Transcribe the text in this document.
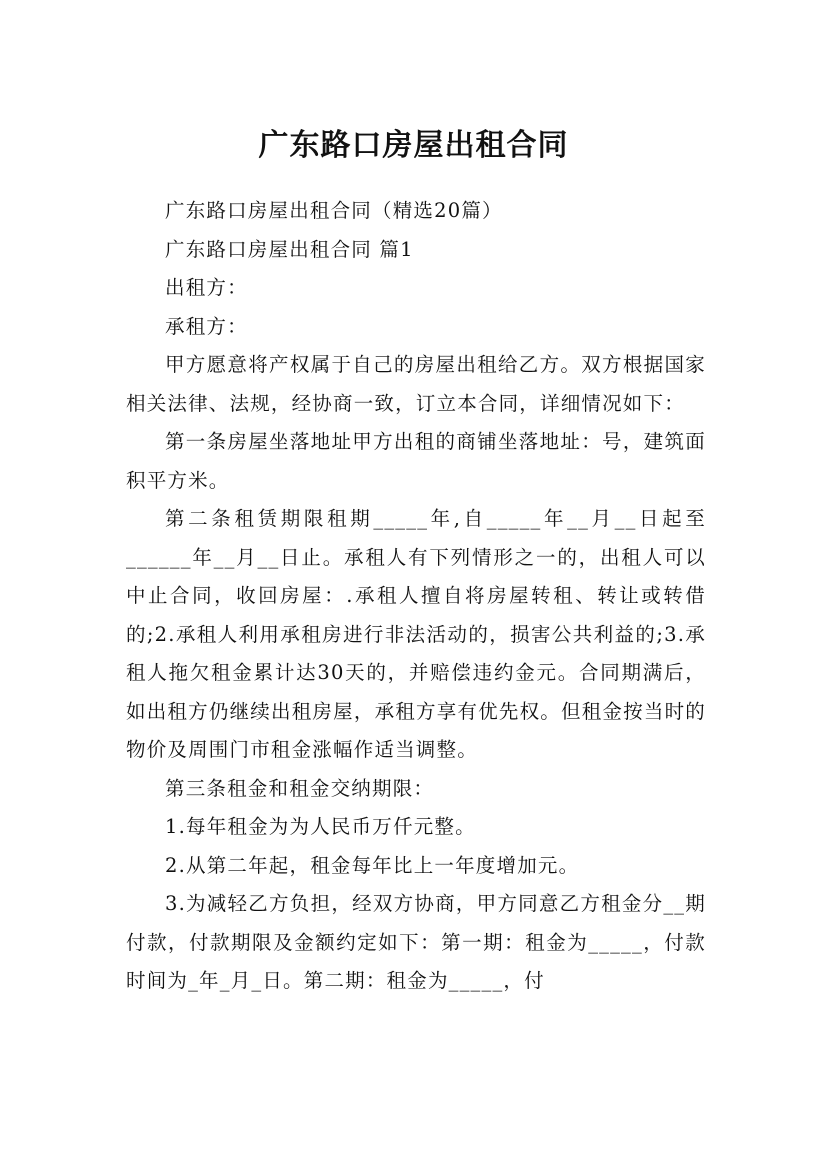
广东路口房屋出租合同

广东路口房屋出租合同（精选20篇）

广东路口房屋出租合同 篇1

出租方：

承租方：

甲方愿意将产权属于自己的房屋出租给乙方。双方根据国家相关法律、法规，经协商一致，订立本合同，详细情况如下：

第一条房屋坐落地址甲方出租的商铺坐落地址：号，建筑面积平方米。

第二条租赁期限租期_____年,自_____年__月__日起至______年__月__日止。承租人有下列情形之一的，出租人可以中止合同，收回房屋：.承租人擅自将房屋转租、转让或转借的;2.承租人利用承租房进行非法活动的，损害公共利益的;3.承租人拖欠租金累计达30天的，并赔偿违约金元。合同期满后，如出租方仍继续出租房屋，承租方享有优先权。但租金按当时的物价及周围门市租金涨幅作适当调整。

第三条租金和租金交纳期限：

1.每年租金为为人民币万仟元整。

2.从第二年起，租金每年比上一年度增加元。

3.为减轻乙方负担，经双方协商，甲方同意乙方租金分__期付款，付款期限及金额约定如下：第一期：租金为_____，付款时间为_年_月_日。第二期：租金为_____，付
